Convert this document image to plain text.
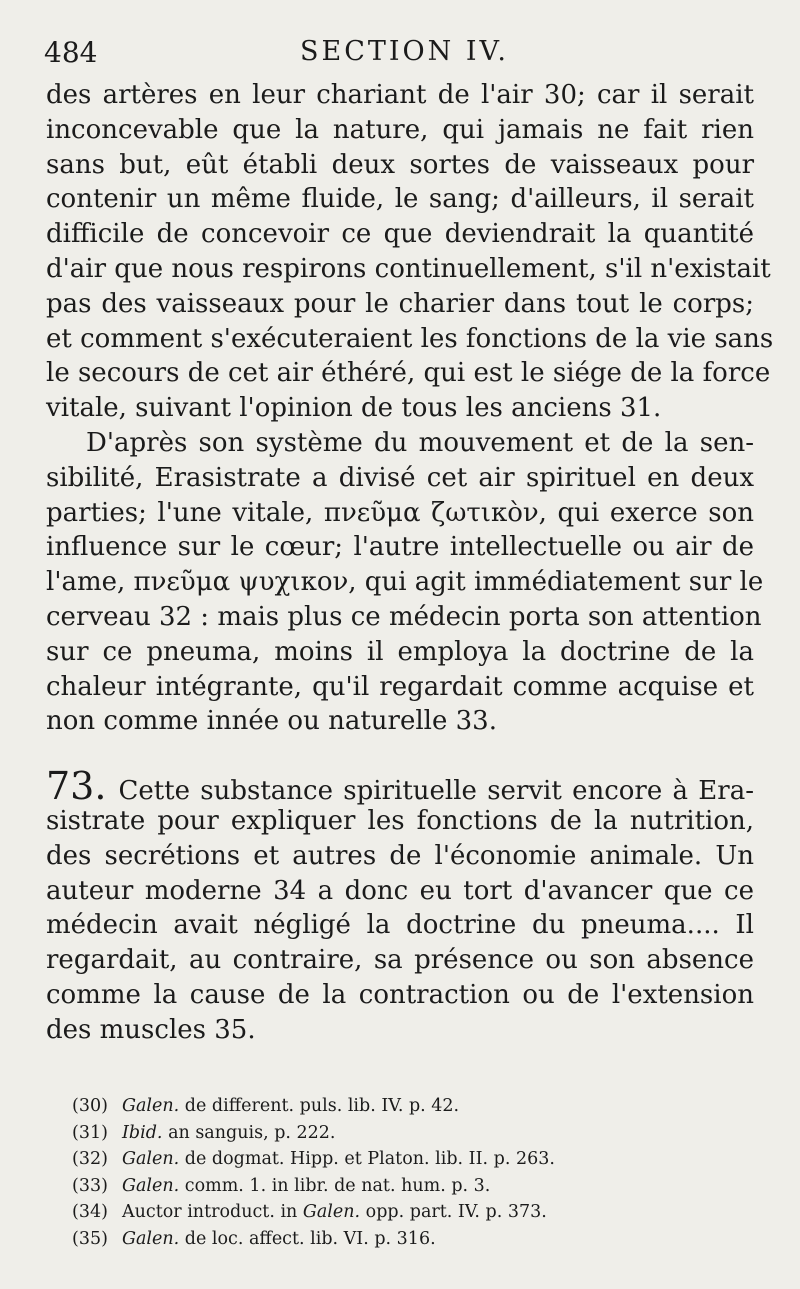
484	SECTION IV.
des artères en leur chariant de l'air 30; car il serait
inconcevable que la nature, qui jamais ne fait rien
sans but, eût établi deux sortes de vaisseaux pour
contenir un même fluide, le sang; d'ailleurs, il serait
difficile de concevoir ce que deviendrait la quantité
d'air que nous respirons continuellement, s'il n'existait
pas des vaisseaux pour le charier dans tout le corps;
et comment s'exécuteraient les fonctions de la vie sans
le secours de cet air éthéré, qui est le siége de la force
vitale, suivant l'opinion de tous les anciens 31.
D'après son système du mouvement et de la sen-
sibilité, Erasistrate a divisé cet air spirituel en deux
parties; l'une vitale, πνεῦμα ζωτικὸν, qui exerce son
influence sur le cœur; l'autre intellectuelle ou air de
l'ame, πνεῦμα ψυχικον, qui agit immédiatement sur le
cerveau 32 : mais plus ce médecin porta son attention
sur ce pneuma, moins il employa la doctrine de la
chaleur intégrante, qu'il regardait comme acquise et
non comme innée ou naturelle 33.
73. Cette substance spirituelle servit encore à Era-
sistrate pour expliquer les fonctions de la nutrition,
des secrétions et autres de l'économie animale. Un
auteur moderne 34 a donc eu tort d'avancer que ce
médecin avait négligé la doctrine du pneuma.... Il
regardait, au contraire, sa présence ou son absence
comme la cause de la contraction ou de l'extension
des muscles 35.
(30) Galen. de different. puls. lib. IV. p. 42.
(31) Ibid. an sanguis, p. 222.
(32) Galen. de dogmat. Hipp. et Platon. lib. II. p. 263.
(33) Galen. comm. 1. in libr. de nat. hum. p. 3.
(34) Auctor introduct. in Galen. opp. part. IV. p. 373.
(35) Galen. de loc. affect. lib. VI. p. 316.
